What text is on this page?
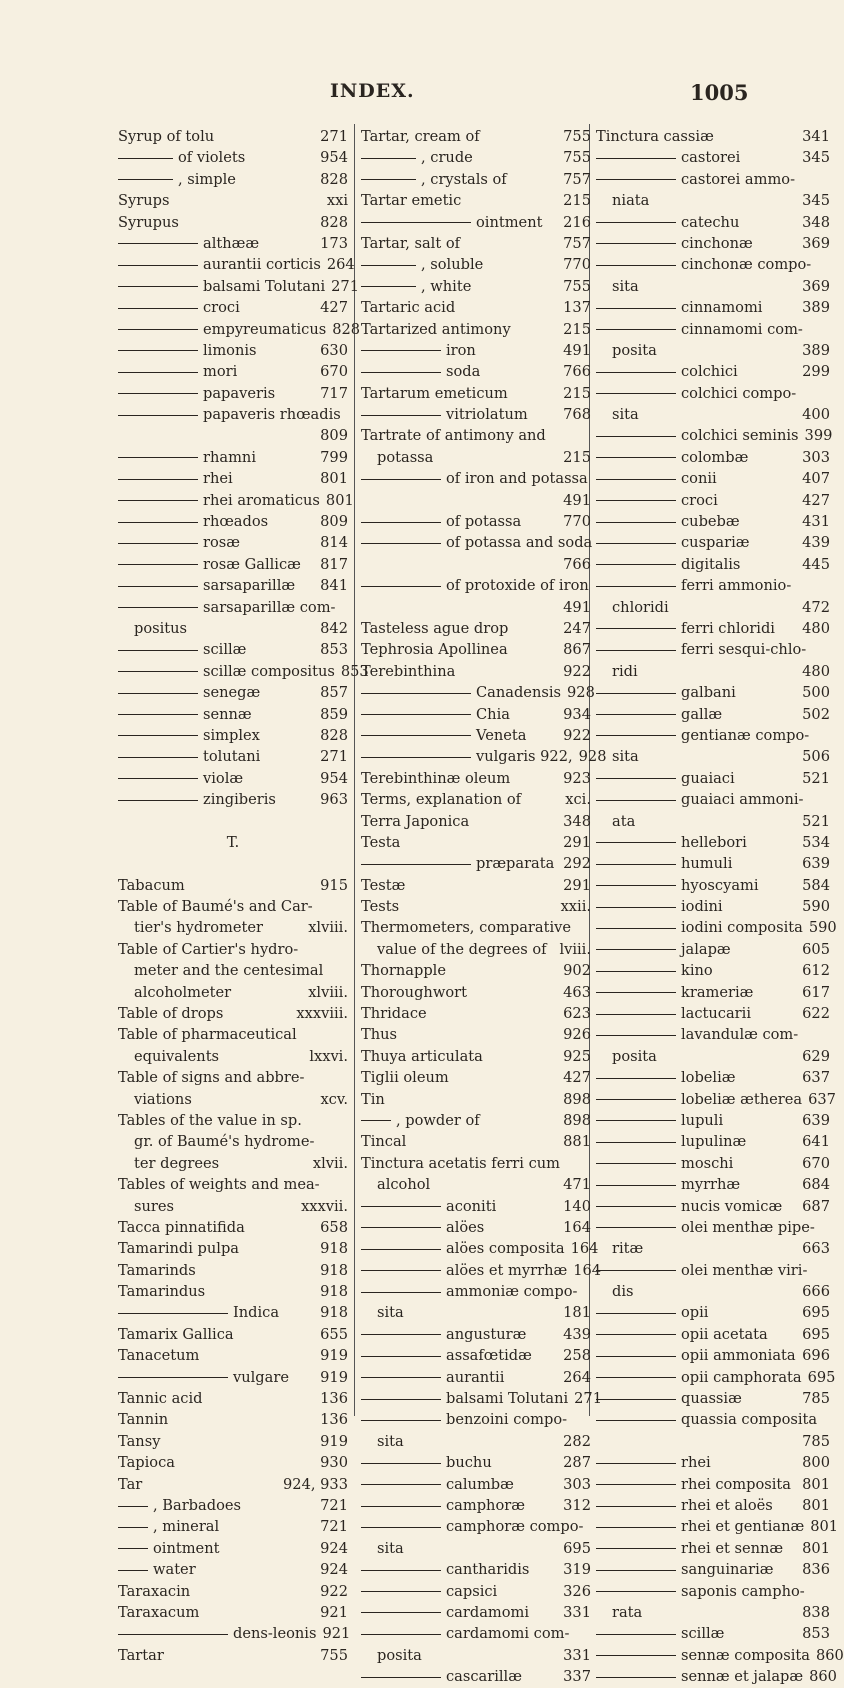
INDEX.	1005
Syrup of tolu	271
of violets	954
, simple	828
Syrups	xxi
Syrupus	828
althææ	173
aurantii corticis 264
balsami Tolutani 271
croci	427
empyreumaticus 828
limonis	630
mori	670
papaveris	717
papaveris rhœadis
809
rhamni	799
rhei	801
rhei aromaticus 801
rhœados	809
rosæ	814
rosæ Gallicæ	817
sarsaparillæ	841
sarsaparillæ com-
positus	842
scillæ	853
scillæ compositus 853
senegæ	857
sennæ	859
simplex	828
tolutani	271
violæ	954
zingiberis	963
T.
Tabacum	915
Table of Baumé's and Car-
tier's hydrometer	xlviii.
Table of Cartier's hydro-
meter and the centesimal
alcoholmeter	xlviii.
Table of drops	xxxviii.
Table of pharmaceutical
equivalents	lxxvi.
Table of signs and abbre-
viations	xcv.
Tables of the value in sp.
gr. of Baumé's hydrome-
ter degrees	xlvii.
Tables of weights and mea-
sures	xxxvii.
Tacca pinnatifida	658
Tamarindi pulpa	918
Tamarinds	918
Tamarindus	918
Indica	918
Tamarix Gallica	655
Tanacetum	919
vulgare	919
Tannic acid	136
Tannin	136
Tansy	919
Tapioca	930
Tar	924, 933
, Barbadoes	721
, mineral	721
ointment	924
water	924
Taraxacin	922
Taraxacum	921
dens-leonis 921
Tartar	755
Tartar, cream of	755
, crude	755
, crystals of	757
Tartar emetic	215
ointment	216
Tartar, salt of	757
, soluble	770
, white	755
Tartaric acid	137
Tartarized antimony	215
iron	491
soda	766
Tartarum emeticum	215
vitriolatum	768
Tartrate of antimony and
potassa	215
of iron and potassa
491
of potassa	770
of potassa and soda
766
of protoxide of iron
491
Tasteless ague drop	247
Tephrosia Apollinea	867
Terebinthina	922
Canadensis 928
Chia	934
Veneta	922
vulgaris 922, 928
Terebinthinæ oleum	923
Terms, explanation of	xci.
Terra Japonica	348
Testa	291
præparata 292
Testæ	291
Tests	xxii.
Thermometers, comparative
value of the degrees of lviii.
Thornapple	902
Thoroughwort	463
Thridace	623
Thus	926
Thuya articulata	925
Tiglii oleum	427
Tin	898
, powder of	898
Tincal	881
Tinctura acetatis ferri cum
alcohol	471
aconiti	140
alöes	164
alöes composita 164
alöes et myrrhæ 164
ammoniæ compo-
sita	181
angusturæ	439
assafœtidæ	258
aurantii	264
balsami Tolutani 271
benzoini compo-
sita	282
buchu	287
calumbæ	303
camphoræ	312
camphoræ compo-
sita	695
cantharidis	319
capsici	326
cardamomi	331
cardamomi com-
posita	331
cascarillæ	337
Tinctura cassiæ	341
castorei	345
castorei ammo-
niata	345
catechu	348
cinchonæ	369
cinchonæ compo-
sita	369
cinnamomi	389
cinnamomi com-
posita	389
colchici	299
colchici compo-
sita	400
colchici seminis 399
colombæ	303
conii	407
croci	427
cubebæ	431
cuspariæ	439
digitalis	445
ferri ammonio-
chloridi	472
ferri chloridi	480
ferri sesqui-chlo-
ridi	480
galbani	500
gallæ	502
gentianæ compo-
sita	506
guaiaci	521
guaiaci ammoni-
ata	521
hellebori	534
humuli	639
hyoscyami	584
iodini	590
iodini composita 590
jalapæ	605
kino	612
krameriæ	617
lactucarii	622
lavandulæ com-
posita	629
lobeliæ	637
lobeliæ ætherea 637
lupuli	639
lupulinæ	641
moschi	670
myrrhæ	684
nucis vomicæ	687
olei menthæ pipe-
ritæ	663
olei menthæ viri-
dis	666
opii	695
opii acetata	695
opii ammoniata 696
opii camphorata 695
quassiæ	785
quassia composita
785
rhei	800
rhei composita 801
rhei et aloës	801
rhei et gentianæ 801
rhei et sennæ	801
sanguinariæ	836
saponis campho-
rata	838
scillæ	853
sennæ composita 860
sennæ et jalapæ 860
